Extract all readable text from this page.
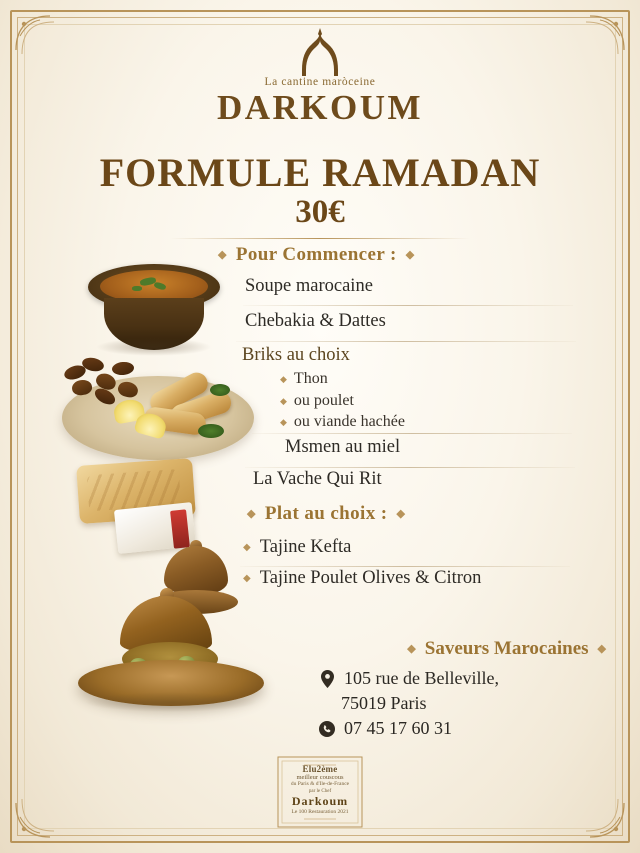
La cantine maròceine
DARKOUM
FORMULE RAMADAN
30€
◆ Pour Commencer : ◆
Soupe marocaine
Chebakia & Dattes
Briks au choix
◆ Thon
◆ ou poulet
◆ ou viande hachée
Msmen au miel
La Vache Qui Rit
◆ Plat au choix : ◆
◆ Tajine Kefta
◆ Tajine Poulet Olives & Citron
◆ Saveurs Marocaines ◆
105 rue de Belleville,
75019 Paris
07 45 17 60 31
Elu2ème
meilleur couscous
du Paris & d'Ile-de-France
par le Chef
Darkoum
Le 100 Restauration 2021
